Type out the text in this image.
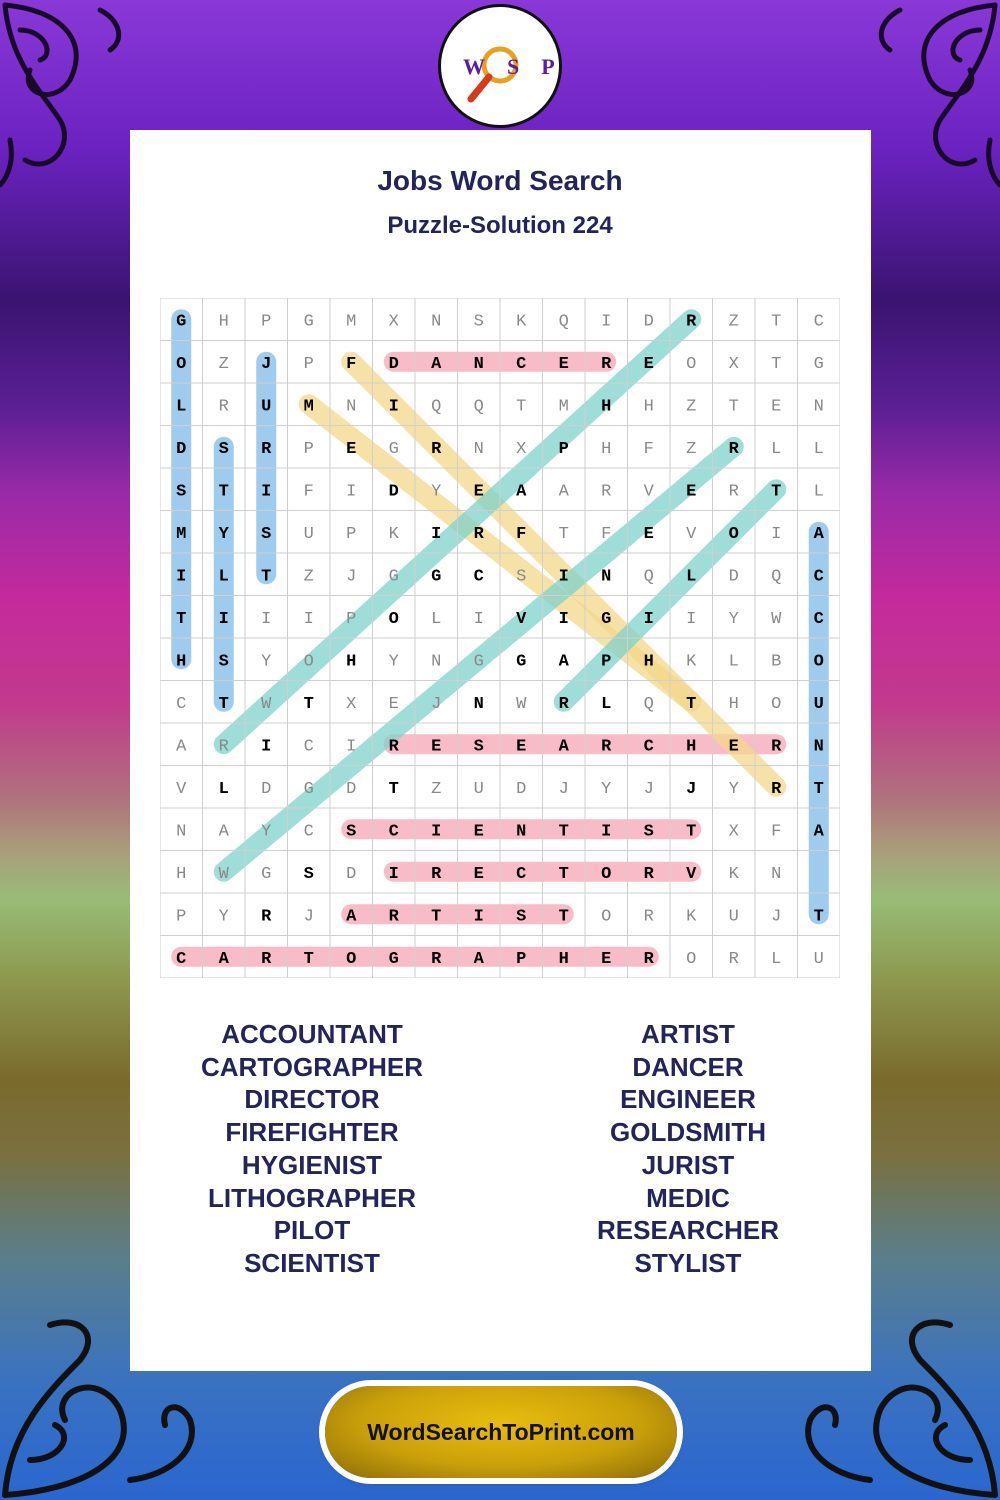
WSP
Jobs Word Search
Puzzle-Solution 224
G H P G M X N S K Q I D R Z T C
O Z J P F D A N C E R E O X T G
L R U M N I Q Q T M H H Z T E N
D S R P E G R N X P H F Z R L L
S T I F I D Y E A A R V E R T L
M Y S U P K I R F T F E V O I A
I L T Z J G G C S I N Q L D Q C
T I I I P O L I V I G I I Y W C
H S Y O H Y N G G A P H K L B O
C T W T X E J N W R L Q T H O U
A R I C I R E S E A R C H E R N
V L D G D T Z U D J Y J J Y R T
N A Y C S C I E N T I S T X F A
H W G S D I R E C T O R V K N
P Y R J A R T I S T O R K U J T
C A R T O G R A P H E R O R L U
ACCOUNTANT
CARTOGRAPHER
DIRECTOR
FIREFIGHTER
HYGIENIST
LITHOGRAPHER
PILOT
SCIENTIST
ARTIST
DANCER
ENGINEER
GOLDSMITH
JURIST
MEDIC
RESEARCHER
STYLIST
WordSearchToPrint.com
